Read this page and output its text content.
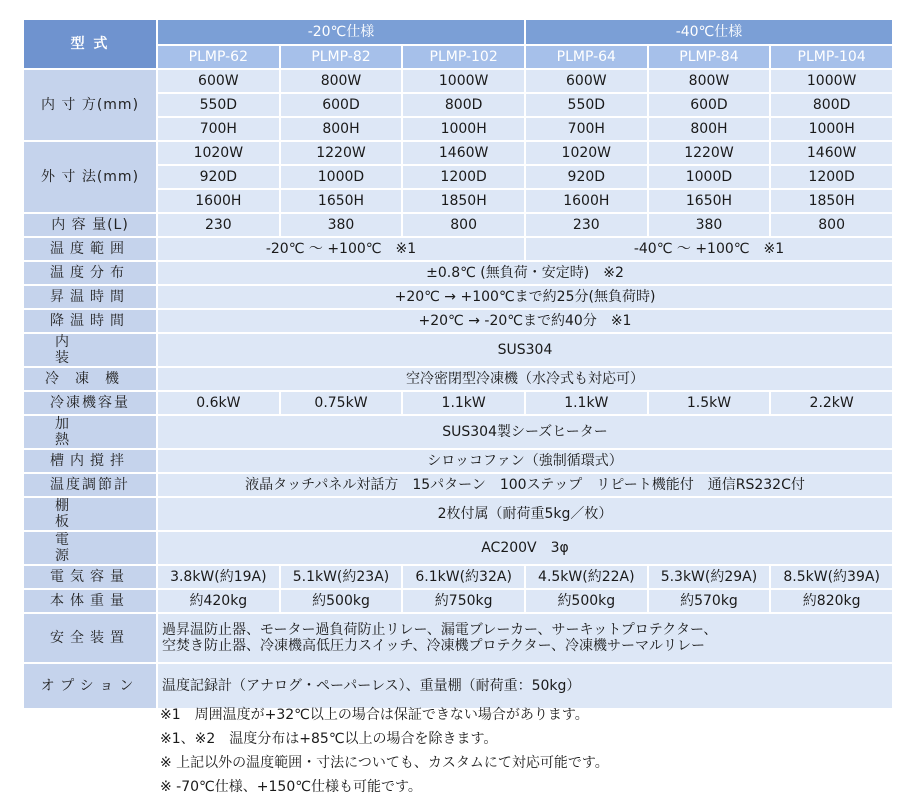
型 式	-20℃仕様			-40℃仕様		
	PLMP-62	PLMP-82	PLMP-102	PLMP-64	PLMP-84	PLMP-104
内 寸 方(mm)	600W	800W	1000W	600W	800W	1000W
	550D	600D	800D	550D	600D	800D
	700H	800H	1000H	700H	800H	1000H
外 寸 法(mm)	1020W	1220W	1460W	1020W	1220W	1460W
	920D	1000D	1200D	920D	1000D	1200D
	1600H	1650H	1850H	1600H	1650H	1850H
内 容 量(L)	230	380	800	230	380	800
温度範囲	-20℃ ～ +100℃　※1			-40℃ ～ +100℃　※1		
温度分布	±0.8℃ (無負荷・安定時)　※2					
昇温時間	+20℃ → +100℃まで約25分(無負荷時)					
降温時間	+20℃ → -20℃まで約40分　※1					

内装	SUS304					
冷凍機	空冷密閉型冷凍機（水冷式も対応可）					
冷凍機容量	0.6kW	0.75kW	1.1kW	1.1kW	1.5kW	2.2kW
加熱	SUS304製シーズヒーター					
槽内撹拌	シロッコファン（強制循環式）					
温度調節計	液晶タッチパネル対話方　15パターン　100ステップ　リピート機能付　通信RS232C付					
棚板	2枚付属（耐荷重5kg／枚）					
電源	AC200V　3φ					
電気容量	3.8kW(約19A)	5.1kW(約23A)	6.1kW(約32A)	4.5kW(約22A)	5.3kW(約29A)	8.5kW(約39A)
本体重量	約420kg	約500kg	約750kg	約500kg	約570kg	約820kg
安全装置	過昇温防止器、モーター過負荷防止リレー、漏電ブレーカー、サーキットプロテクター、
空焚き防止器、冷凍機高低圧力スイッチ、冷凍機プロテクター、冷凍機サーマルリレー					

オプション	温度記録計（アナログ・ペーパーレス）、重量棚（耐荷重：50kg）					
※1　周囲温度が+32℃以上の場合は保証できない場合があります。
※1、※2　温度分布は+85℃以上の場合を除きます。
※ 上記以外の温度範囲・寸法についても、カスタムにて対応可能です。
※ -70℃仕様、+150℃仕様も可能です。
